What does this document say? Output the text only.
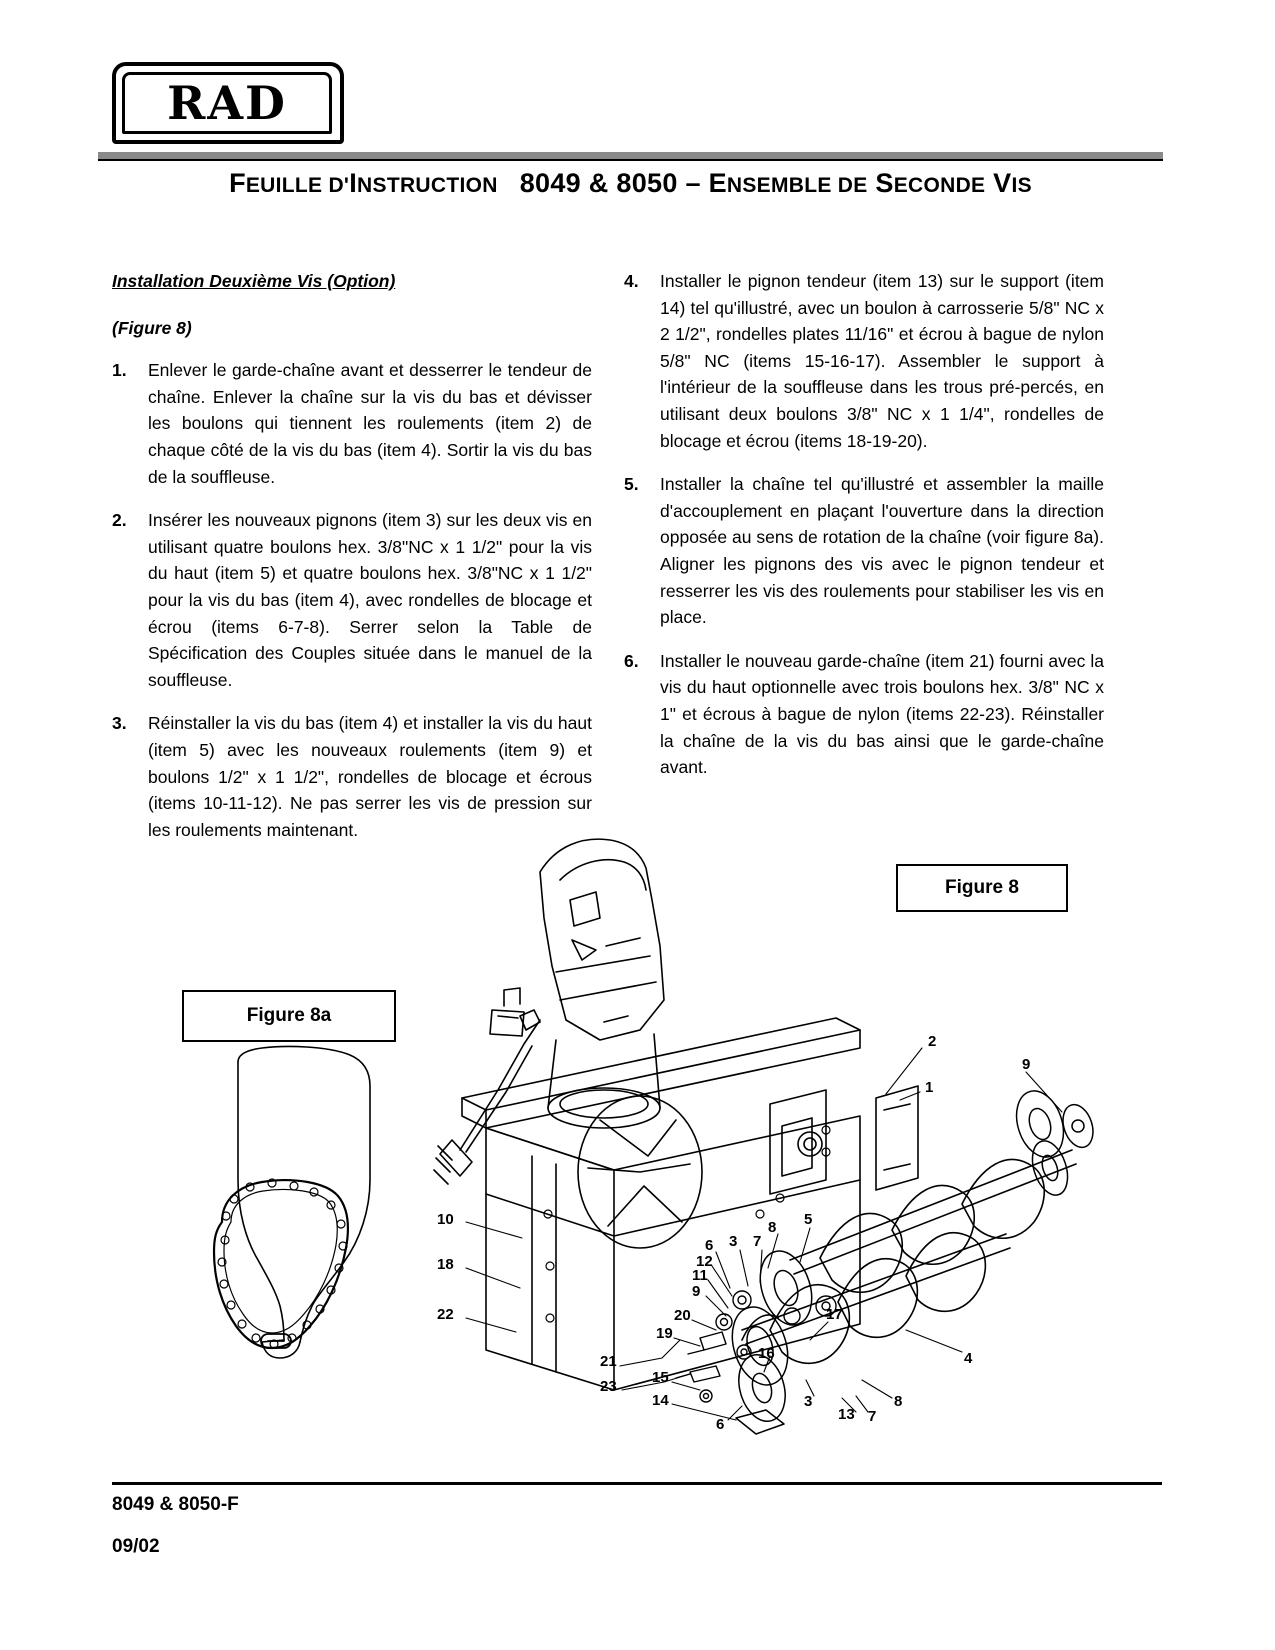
RAD
FEUILLE D'INSTRUCTION 8049 & 8050 – ENSEMBLE DE SECONDE VIS
Installation Deuxième Vis (Option)
(Figure 8)
1.	Enlever le garde-chaîne avant et desserrer le tendeur de chaîne. Enlever la chaîne sur la vis du bas et dévisser les boulons qui tiennent les roulements (item 2) de chaque côté de la vis du bas (item 4). Sortir la vis du bas de la souffleuse.
2.	Insérer les nouveaux pignons (item 3) sur les deux vis en utilisant quatre boulons hex. 3/8"NC x 1 1/2" pour la vis du haut (item 5) et quatre boulons hex. 3/8"NC x 1 1/2" pour la vis du bas (item 4), avec rondelles de blocage et écrou (items 6-7-8). Serrer selon la Table de Spécification des Couples située dans le manuel de la souffleuse.
3.	Réinstaller la vis du bas (item 4) et installer la vis du haut (item 5) avec les nouveaux roulements (item 9) et boulons 1/2" x 1 1/2", rondelles de blocage et écrous (items 10-11-12). Ne pas serrer les vis de pression sur les roulements maintenant.
4.	Installer le pignon tendeur (item 13) sur le support (item 14) tel qu'illustré, avec un boulon à carrosserie 5/8" NC x 2 1/2", rondelles plates 11/16" et écrou à bague de nylon 5/8" NC (items 15-16-17). Assembler le support à l'intérieur de la souffleuse dans les trous pré-percés, en utilisant deux boulons 3/8" NC x 1 1/4", rondelles de blocage et écrou (items 18-19-20).
5.	Installer la chaîne tel qu'illustré et assembler la maille d'accouplement en plaçant l'ouverture dans la direction opposée au sens de rotation de la chaîne (voir figure 8a). Aligner les pignons des vis avec le pignon tendeur et resserrer les vis des roulements pour stabiliser les vis en place.
6.	Installer le nouveau garde-chaîne (item 21) fourni avec la vis du haut optionnelle avec trois boulons hex. 3/8" NC x 1" et écrous à bague de nylon (items 22-23). Réinstaller la chaîne de la vis du bas ainsi que le garde-chaîne avant.
2
1
9
10
18
22
8 5
6 3 7
12
11
9
20
19
17
21
23
15
14
16	4
3	8
13 7
6
Figure 8
Figure 8a
8049 & 8050-F
09/02
